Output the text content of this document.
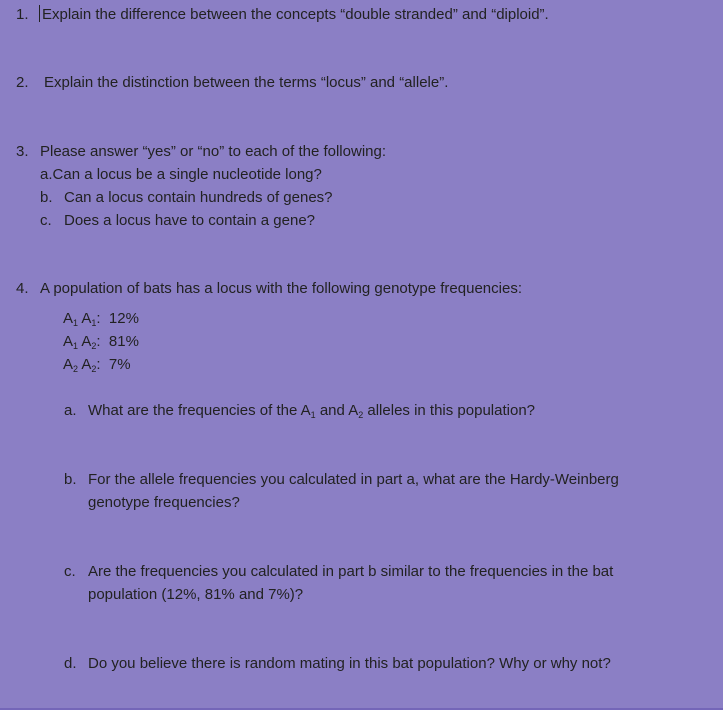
1. Explain the difference between the concepts “double stranded” and “diploid”.
2. Explain the distinction between the terms “locus” and “allele”.
3. Please answer “yes” or “no” to each of the following:
a.Can a locus be a single nucleotide long?
b. Can a locus contain hundreds of genes?
c. Does a locus have to contain a gene?
4. A population of bats has a locus with the following genotype frequencies:
$A_1$ $A_1$:  12%
$A_1$ $A_2$:  81%
$A_2$ $A_2$:  7%
a. What are the frequencies of the $A_1$ and $A_2$ alleles in this population?
b. For the allele frequencies you calculated in part a, what are the Hardy-Weinberg
genotype frequencies?
c. Are the frequencies you calculated in part b similar to the frequencies in the bat
population (12%, 81% and 7%)?
d. Do you believe there is random mating in this bat population? Why or why not?
